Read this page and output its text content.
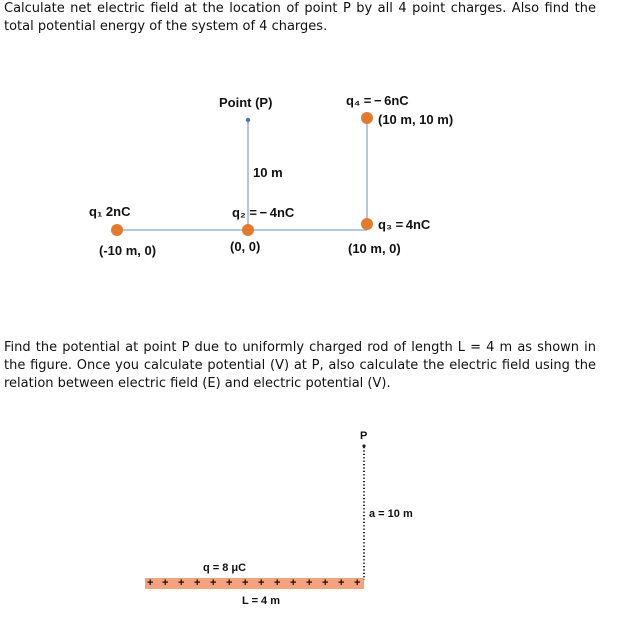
Calculate net electric field at the location of point P by all 4 point charges. Also find the total potential energy of the system of 4 charges.

Point (P)
10 m
q₁ 2nC
(-10 m, 0)
q₂ = − 4nC
(0, 0)
q₃ = 4nC
(10 m, 0)
q₄ = − 6nC
(10 m, 10 m)

Find the potential at point P due to uniformly charged rod of length L = 4 m as shown in the figure. Once you calculate potential (V) at P, also calculate the electric field using the relation between electric field (E) and electric potential (V).

P
a = 10 m
q = 8 μC
L = 4 m
+ + + + + + + + + + + + + +
